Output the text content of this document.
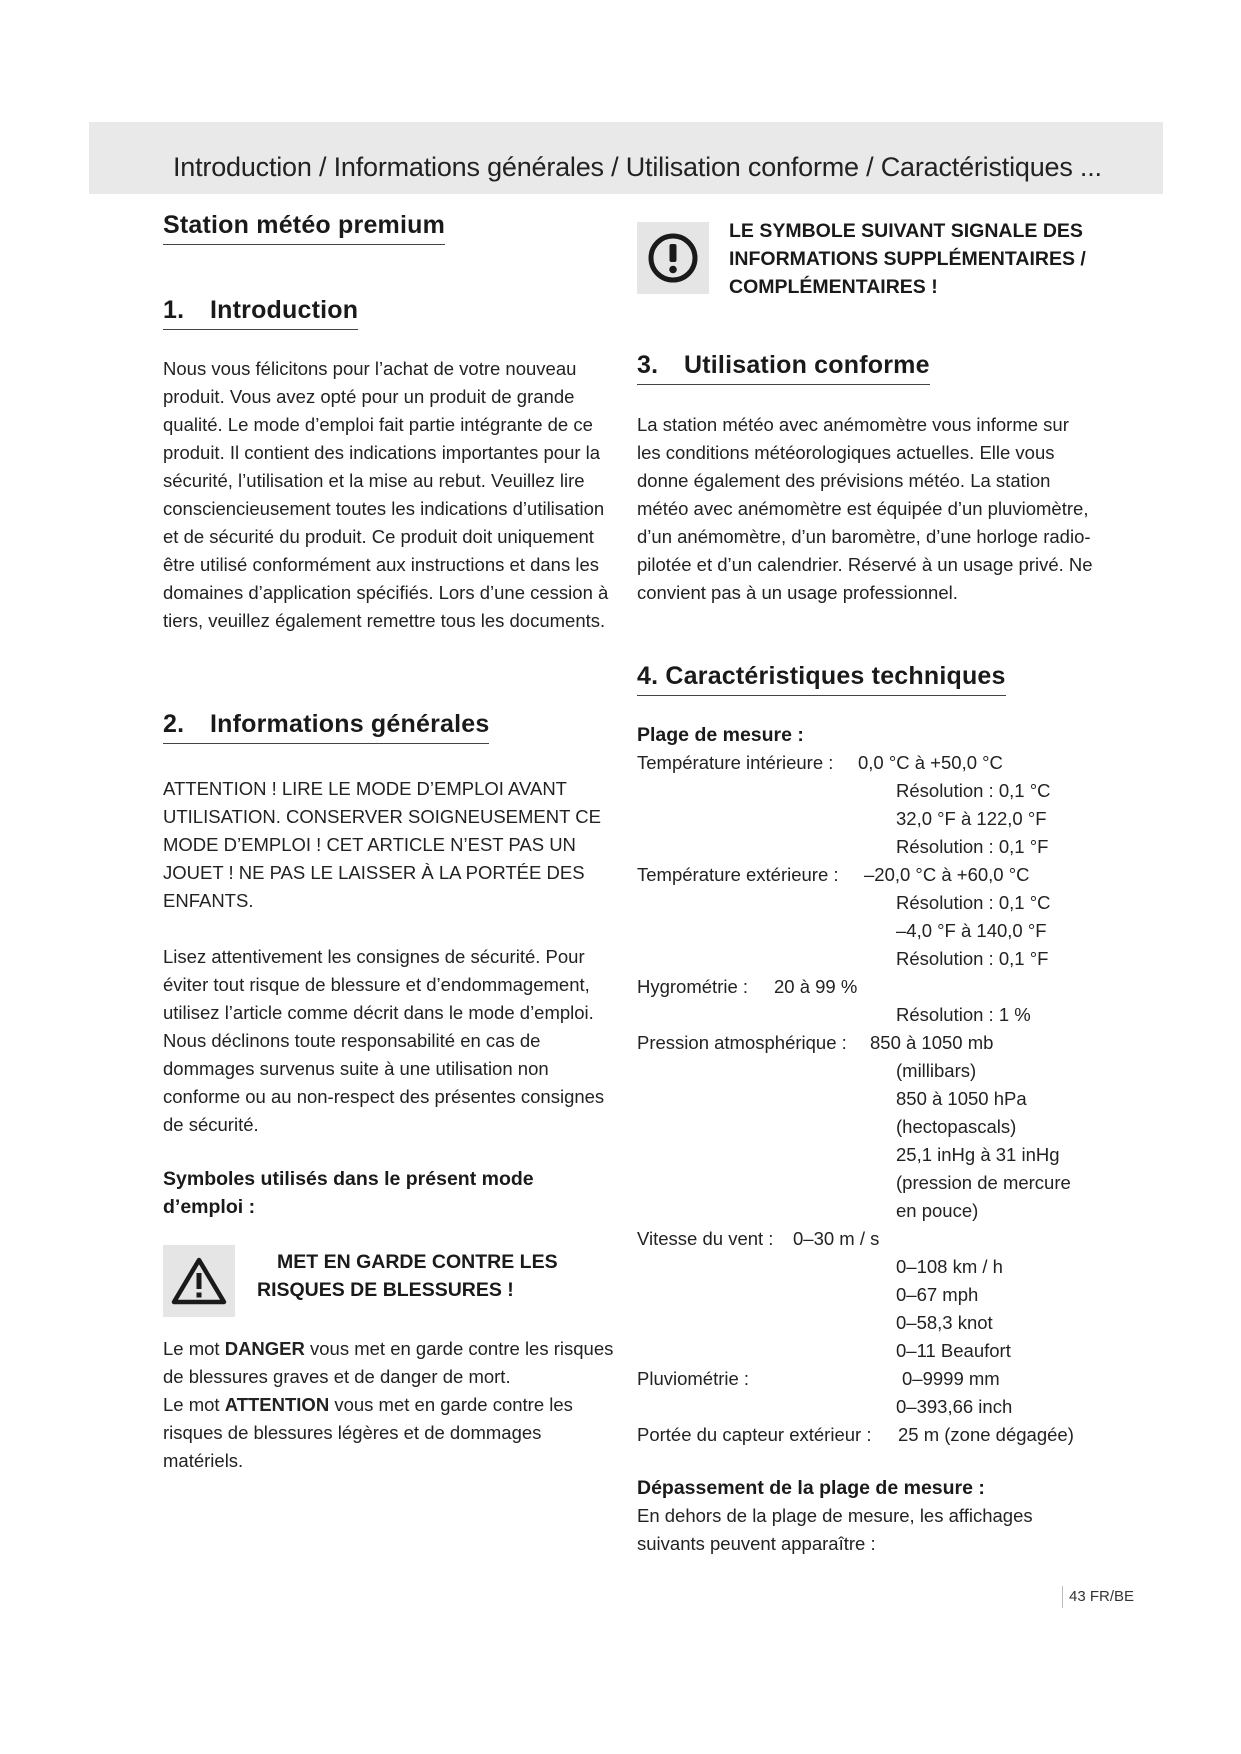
Introduction / Informations générales / Utilisation conforme / Caractéristiques ...
Station météo premium
1. Introduction
Nous vous félicitons pour l’achat de votre nouveau produit. Vous avez opté pour un produit de grande qualité. Le mode d’emploi fait partie intégrante de ce produit. Il contient des indications importantes pour la sécurité, l’utilisation et la mise au rebut. Veuillez lire consciencieusement toutes les indications d’utilisation et de sécurité du produit. Ce produit doit uniquement être utilisé conformément aux instructions et dans les domaines d’application spécifiés. Lors d’une cession à tiers, veuillez également remettre tous les documents.
2. Informations générales
ATTENTION ! LIRE LE MODE D’EMPLOI AVANT UTILISATION. CONSERVER SOIGNEUSEMENT CE MODE D’EMPLOI ! CET ARTICLE N’EST PAS UN JOUET ! NE PAS LE LAISSER À LA PORTÉE DES ENFANTS.
Lisez attentivement les consignes de sécurité. Pour éviter tout risque de blessure et d’endommagement, utilisez l’article comme décrit dans le mode d’emploi. Nous déclinons toute responsabilité en cas de dommages survenus suite à une utilisation non conforme ou au non-respect des présentes consignes de sécurité.
Symboles utilisés dans le présent mode d’emploi :
MET EN GARDE CONTRE LES RISQUES DE BLESSURES !
Le mot DANGER vous met en garde contre les risques de blessures graves et de danger de mort.
Le mot ATTENTION vous met en garde contre les risques de blessures légères et de dommages matériels.
LE SYMBOLE SUIVANT SIGNALE DES INFORMATIONS SUPPLÉMENTAIRES / COMPLÉMENTAIRES !
3. Utilisation conforme
La station météo avec anémomètre vous informe sur les conditions météorologiques actuelles. Elle vous donne également des prévisions météo. La station météo avec anémomètre est équipée d’un pluviomètre, d’un anémomètre, d’un baromètre, d’une horloge radio-pilotée et d’un calendrier. Réservé à un usage privé. Ne convient pas à un usage professionnel.
4. Caractéristiques techniques
Plage de mesure :
Température intérieure : 0,0 °C à +50,0 °C
Résolution : 0,1 °C
32,0 °F à 122,0 °F
Résolution : 0,1 °F
Température extérieure : –20,0 °C à +60,0 °C
Résolution : 0,1 °C
–4,0 °F à 140,0 °F
Résolution : 0,1 °F
Hygrométrie : 20 à 99 %
Résolution : 1 %
Pression atmosphérique : 850 à 1050 mb
(millibars)
850 à 1050 hPa
(hectopascals)
25,1 inHg à 31 inHg
(pression de mercure
en pouce)
Vitesse du vent : 0–30 m / s
0–108 km / h
0–67 mph
0–58,3 knot
0–11 Beaufort
Pluviométrie :	0–9999 mm
0–393,66 inch
Portée du capteur extérieur : 25 m (zone dégagée)
Dépassement de la plage de mesure :
En dehors de la plage de mesure, les affichages suivants peuvent apparaître :
43 FR/BE
